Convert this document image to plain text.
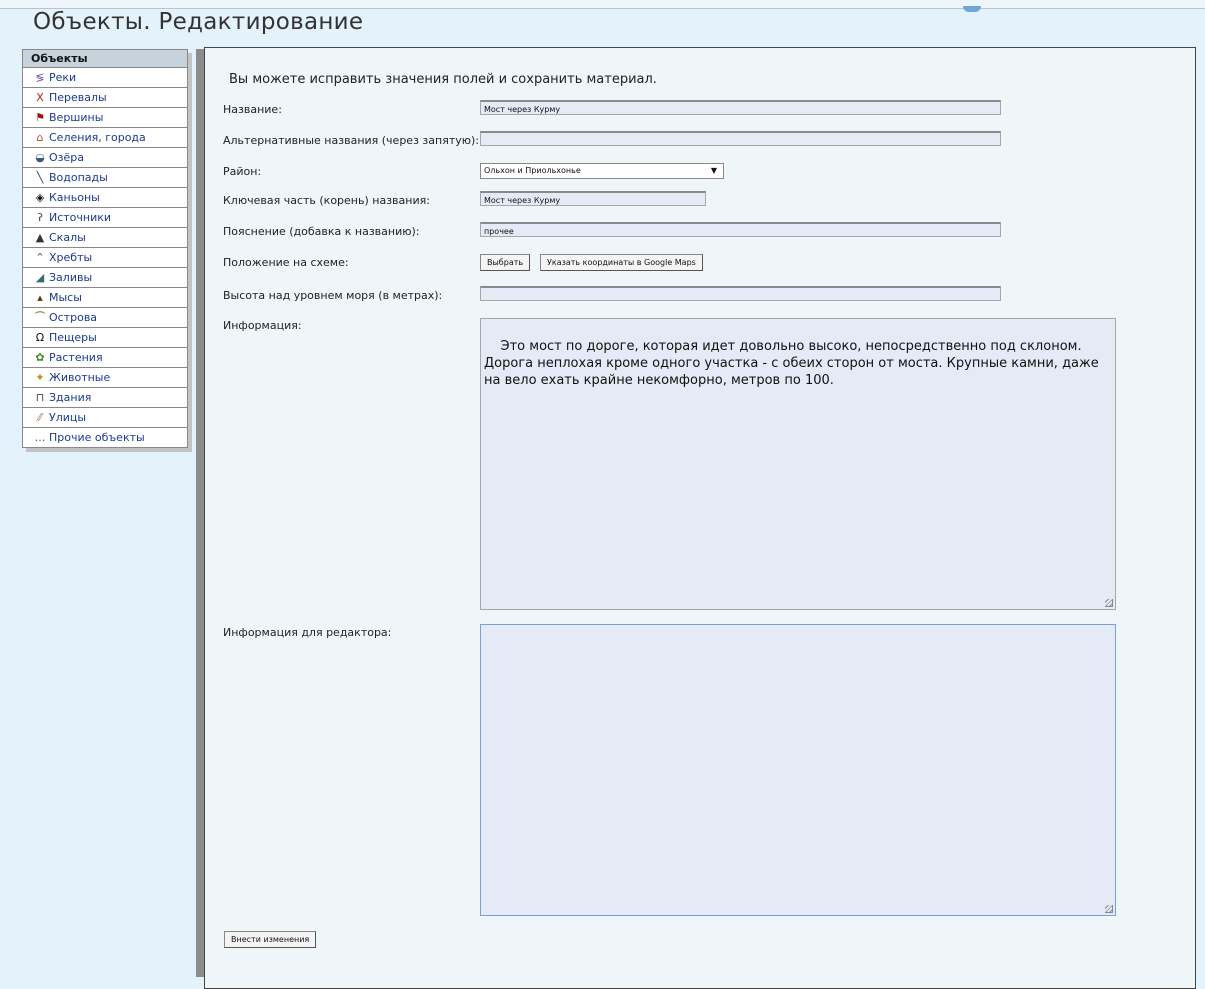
Объекты. Редактирование
Объекты
≶ Реки
X Перевалы
⚑ Вершины
⌂ Селения, города
◒ Озёра
╲ Водопады
◈ Каньоны
ʔ Источники
▲ Скалы
⌃ Хребты
◢ Заливы
▴ Мысы
⏜ Острова
Ω Пещеры
✿ Растения
✦ Животные
⊓ Здания
⁄⁄ Улицы
… Прочие объекты
Вы можете исправить значения полей и сохранить материал.
Название:	Мост через Курму
Альтернативные названия (через запятую):
Район:	Ольхон и Приольхонье	▼
Ключевая часть (корень) названия:	Мост через Курму
Пояснение (добавка к названию):	прочее
Положение на схеме:	Выбрать	Указать координаты в Google Maps
Высота над уровнем моря (в метрах):
Информация:

Это мост по дороге, которая идет довольно высоко, непосредственно под склоном.
Дорога неплохая кроме одного участка - с обеих сторон от моста. Крупные камни, даже
на вело ехать крайне некомфорно, метров по 100.

Информация для редактора:

Внести изменения
